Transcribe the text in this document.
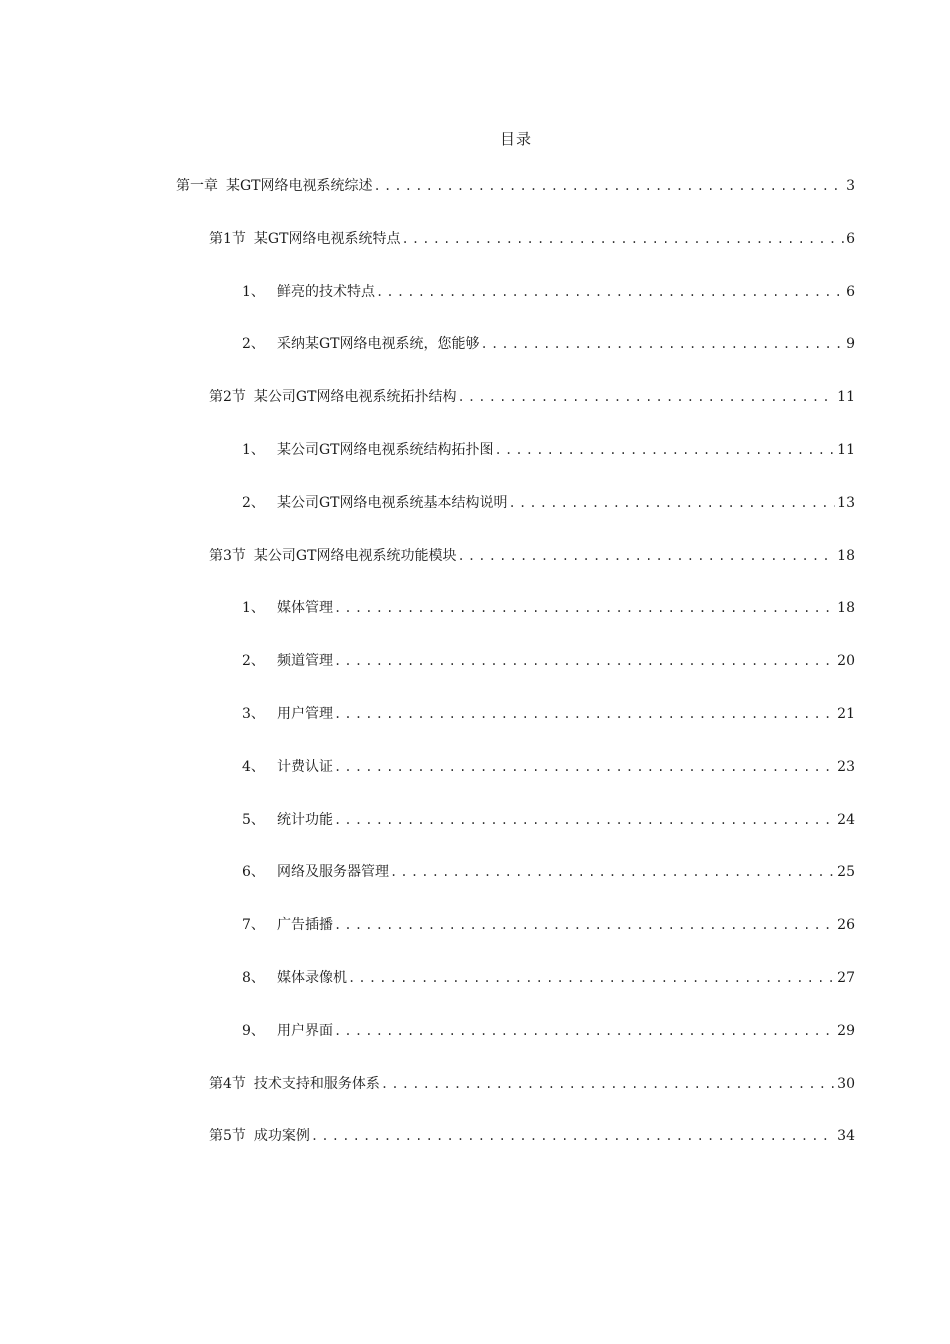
目录
第一章 某GT网络电视系统综述 .....	3
第1节 某GT网络电视系统特点 .....	6
1、 鲜亮的技术特点 .....	6
2、 采纳某GT网络电视系统，您能够 .....	9
第2节 某公司GT网络电视系统拓扑结构 .....	11
1、 某公司GT网络电视系统结构拓扑图 .....	11
2、 某公司GT网络电视系统基本结构说明 .....	13
第3节 某公司GT网络电视系统功能模块 .....	18
1、 媒体管理 .....	18
2、 频道管理 .....	20
3、 用户管理 .....	21
4、 计费认证 .....	23
5、 统计功能 .....	24
6、 网络及服务器管理 .....	25
7、 广告插播 .....	26
8、 媒体录像机 .....	27
9、 用户界面 .....	29
第4节 技术支持和服务体系 .....	30
第5节 成功案例 .....	34
